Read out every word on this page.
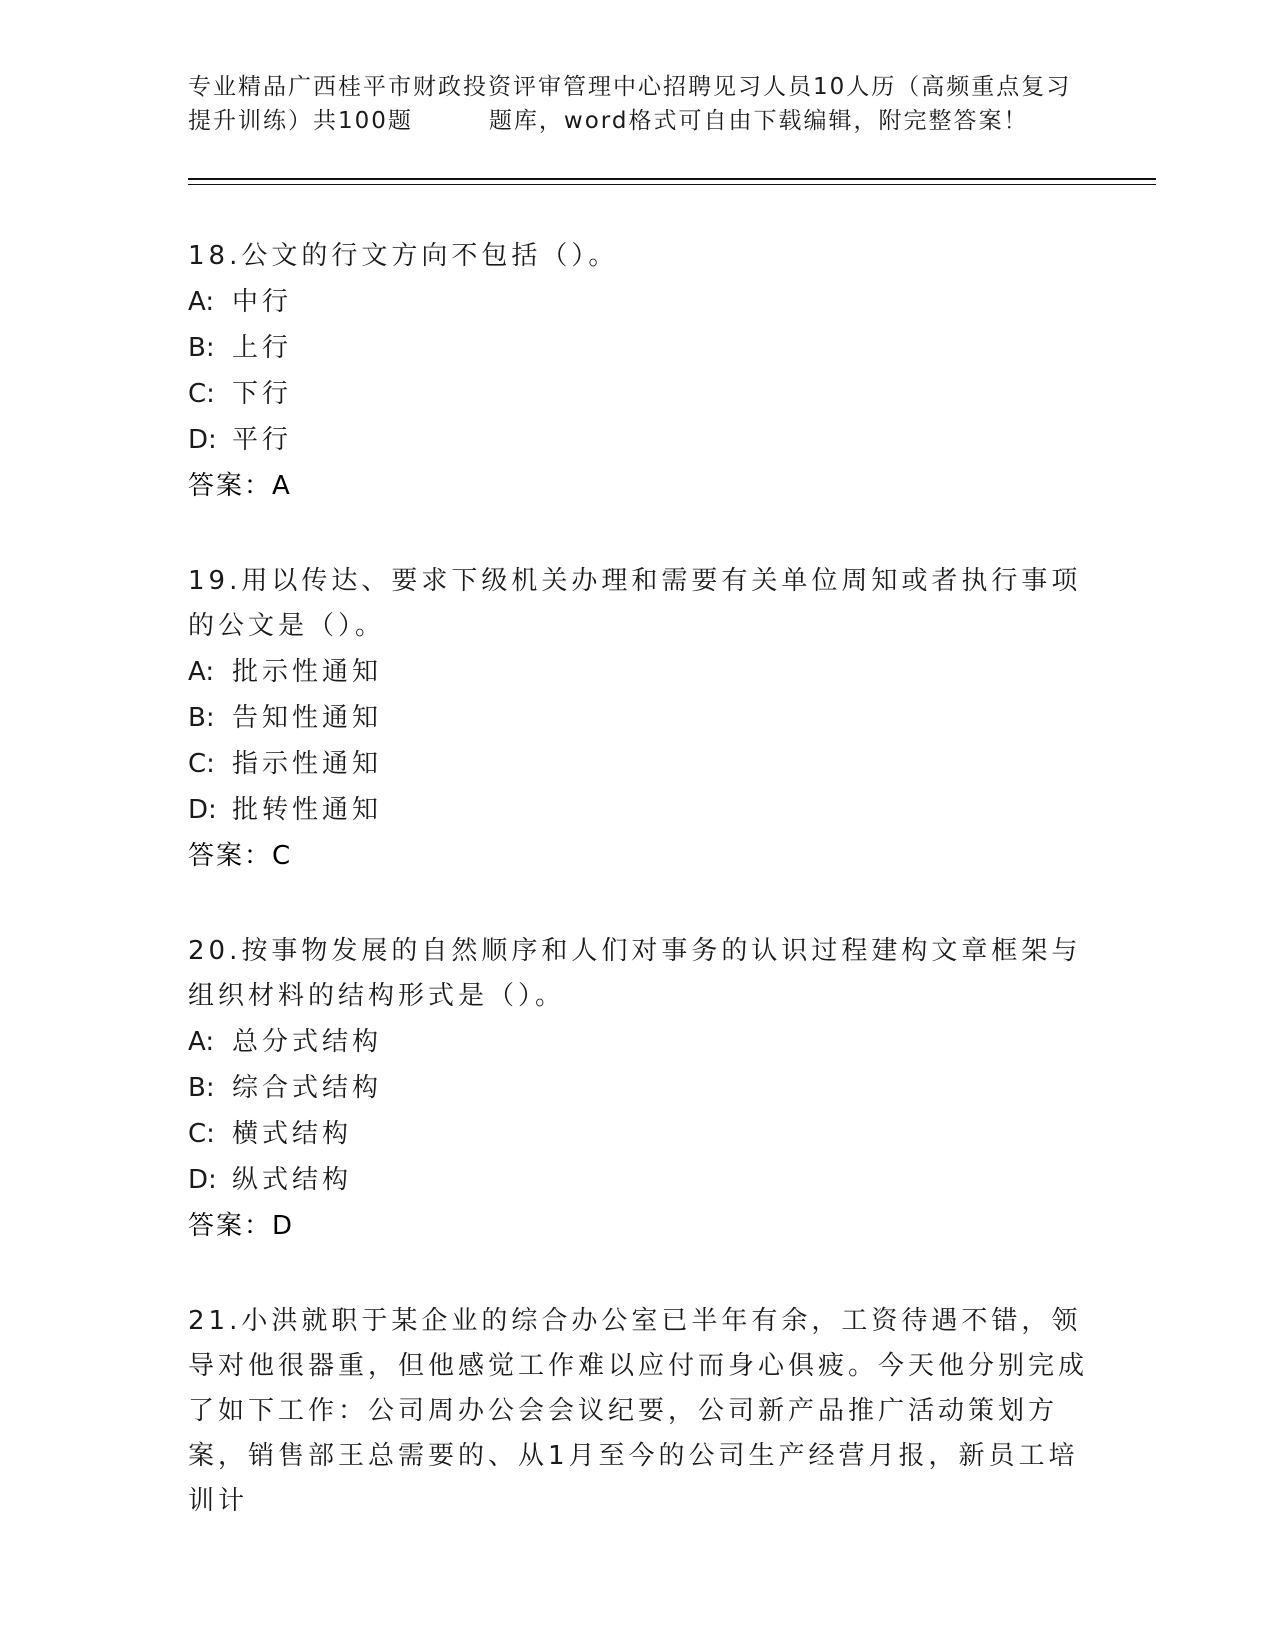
专业精品广西桂平市财政投资评审管理中心招聘见习人员10人历（高频重点复习
提升训练）共100题	题库，word格式可自由下载编辑，附完整答案！
18.公文的行文方向不包括（）。
A: 中行
B: 上行
C: 下行
D: 平行
答案：A
19.用以传达、要求下级机关办理和需要有关单位周知或者执行事项的公文是（）。
A: 批示性通知
B: 告知性通知
C: 指示性通知
D: 批转性通知
答案：C
20.按事物发展的自然顺序和人们对事务的认识过程建构文章框架与组织材料的结构形式是（）。
A: 总分式结构
B: 综合式结构
C: 横式结构
D: 纵式结构
答案：D
21.小洪就职于某企业的综合办公室已半年有余，工资待遇不错，领导对他很器重，但他感觉工作难以应付而身心俱疲。今天他分别完成了如下工作：公司周办公会会议纪要，公司新产品推广活动策划方案，销售部王总需要的、从1月至今的公司生产经营月报，新员工培训计
